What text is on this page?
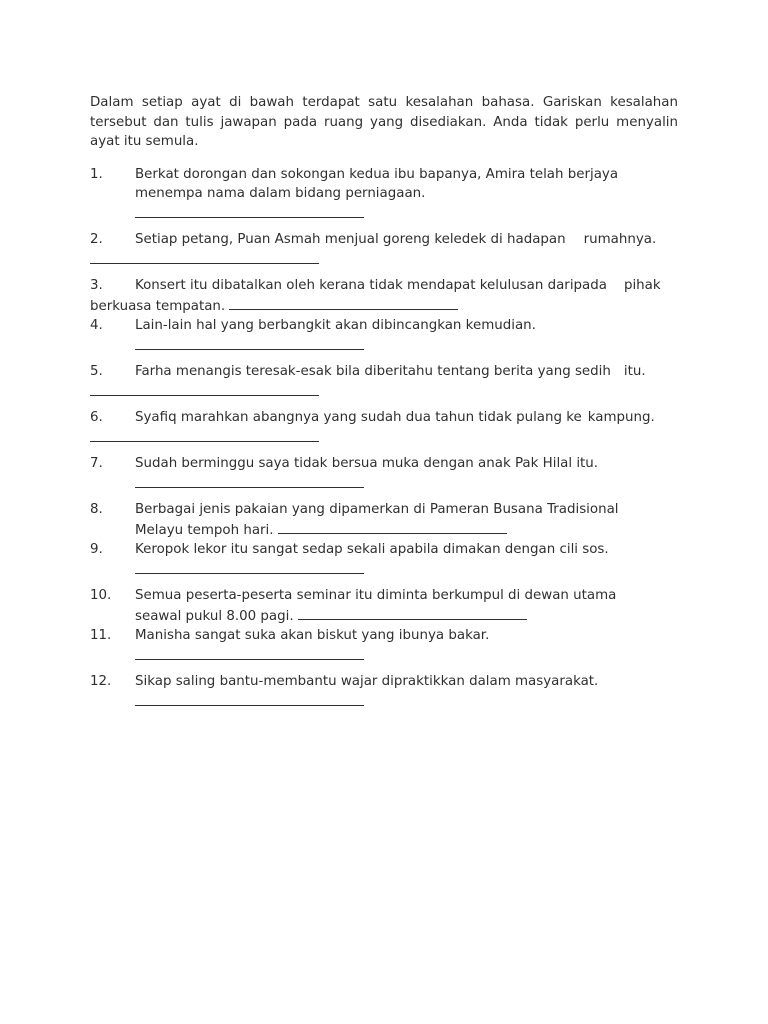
Dalam setiap ayat di bawah terdapat satu kesalahan bahasa. Gariskan kesalahan tersebut dan tulis jawapan pada ruang yang disediakan. Anda tidak perlu menyalin ayat itu semula.

1. Berkat dorongan dan sokongan kedua ibu bapanya, Amira telah berjaya
menempa nama dalam bidang perniagaan.
2. Setiap petang, Puan Asmah menjual goreng keledek di hadapan rumahnya.
3. Konsert itu dibatalkan oleh kerana tidak mendapat kelulusan daripada pihak
berkuasa tempatan.
4. Lain-lain hal yang berbangkit akan dibincangkan kemudian.
5. Farha menangis teresak-esak bila diberitahu tentang berita yang sedih itu.
6. Syafiq marahkan abangnya yang sudah dua tahun tidak pulang ke kampung.
7. Sudah berminggu saya tidak bersua muka dengan anak Pak Hilal itu.
8. Berbagai jenis pakaian yang dipamerkan di Pameran Busana Tradisional
Melayu tempoh hari.
9. Keropok lekor itu sangat sedap sekali apabila dimakan dengan cili sos.
10. Semua peserta-peserta seminar itu diminta berkumpul di dewan utama
seawal pukul 8.00 pagi.
11. Manisha sangat suka akan biskut yang ibunya bakar.
12. Sikap saling bantu-membantu wajar dipraktikkan dalam masyarakat.
